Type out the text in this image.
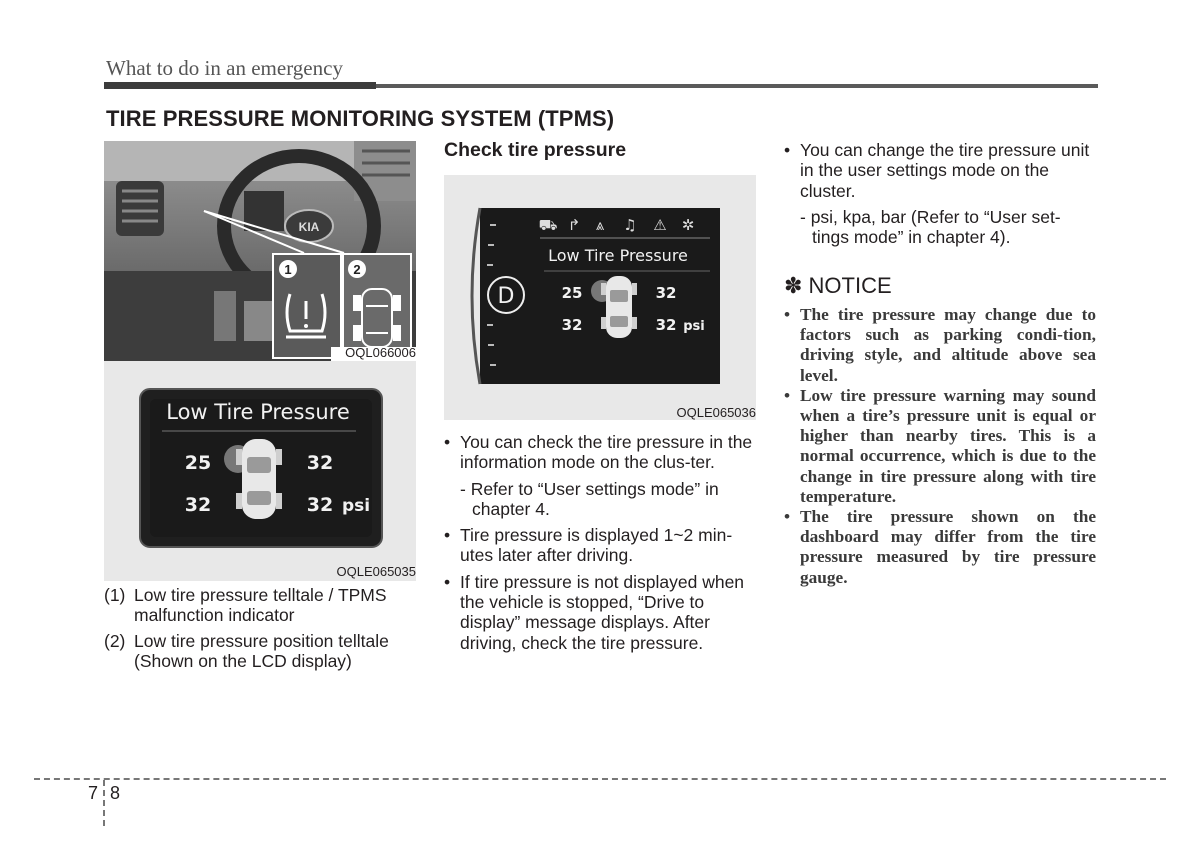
What to do in an emergency
TIRE PRESSURE MONITORING SYSTEM (TPMS)
KIA
1	2
OQL066006
Low Tire Pressure
25	32
32	32 psi
OQLE065035
(1) Low tire pressure telltale / TPMS malfunction indicator
(2) Low tire pressure position telltale (Shown on the LCD display)
Check tire pressure
⛟ ↱ ⩓ ♫ ⚠ ✲
Low Tire Pressure
D	25	32
32	32 psi
OQLE065036
• You can check the tire pressure in the information mode on the clus-ter.
- Refer to “User settings mode” in chapter 4.
• Tire pressure is displayed 1~2 min-utes later after driving.
• If tire pressure is not displayed when the vehicle is stopped, “Drive to display” message displays. After driving, check the tire pressure.
• You can change the tire pressure unit in the user settings mode on the cluster.
- psi, kpa, bar (Refer to “User set-tings mode” in chapter 4).
✽ NOTICE
• The tire pressure may change due to factors such as parking condi-tion, driving style, and altitude above sea level.
• Low tire pressure warning may sound when a tire’s pressure unit is equal or higher than nearby tires. This is a normal occurrence, which is due to the change in tire pressure along with tire temperature.
• The tire pressure shown on the dashboard may differ from the tire pressure measured by tire pressure gauge.
7 8
